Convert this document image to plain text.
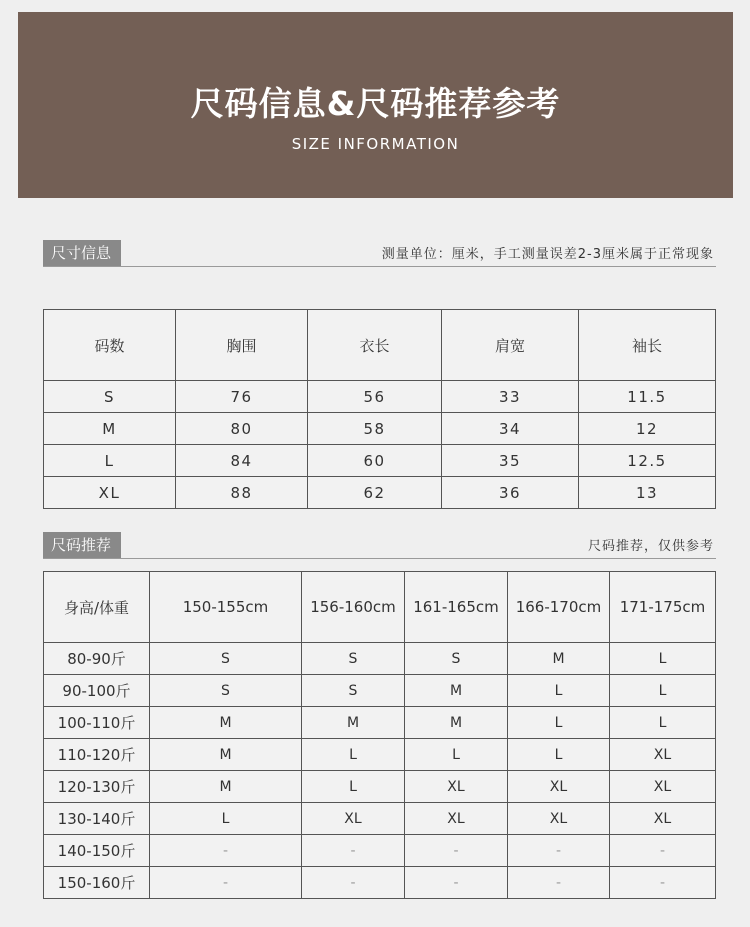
尺码信息&尺码推荐参考
SIZE INFORMATION
尺寸信息	测量单位：厘米，手工测量误差2-3厘米属于正常现象
码数	胸围	衣长	肩宽	袖长
S	76	56	33	11.5
M	80	58	34	12
L	84	60	35	12.5
XL	88	62	36	13
尺码推荐	尺码推荐，仅供参考
身高/体重	150-155cm	156-160cm	161-165cm	166-170cm	171-175cm
80-90斤	S	S	S	M	L
90-100斤	S	S	M	L	L
100-110斤	M	M	M	L	L
110-120斤	M	L	L	L	XL
120-130斤	M	L	XL	XL	XL
130-140斤	L	XL	XL	XL	XL
140-150斤	-	-	-	-	-
150-160斤	-	-	-	-	-
